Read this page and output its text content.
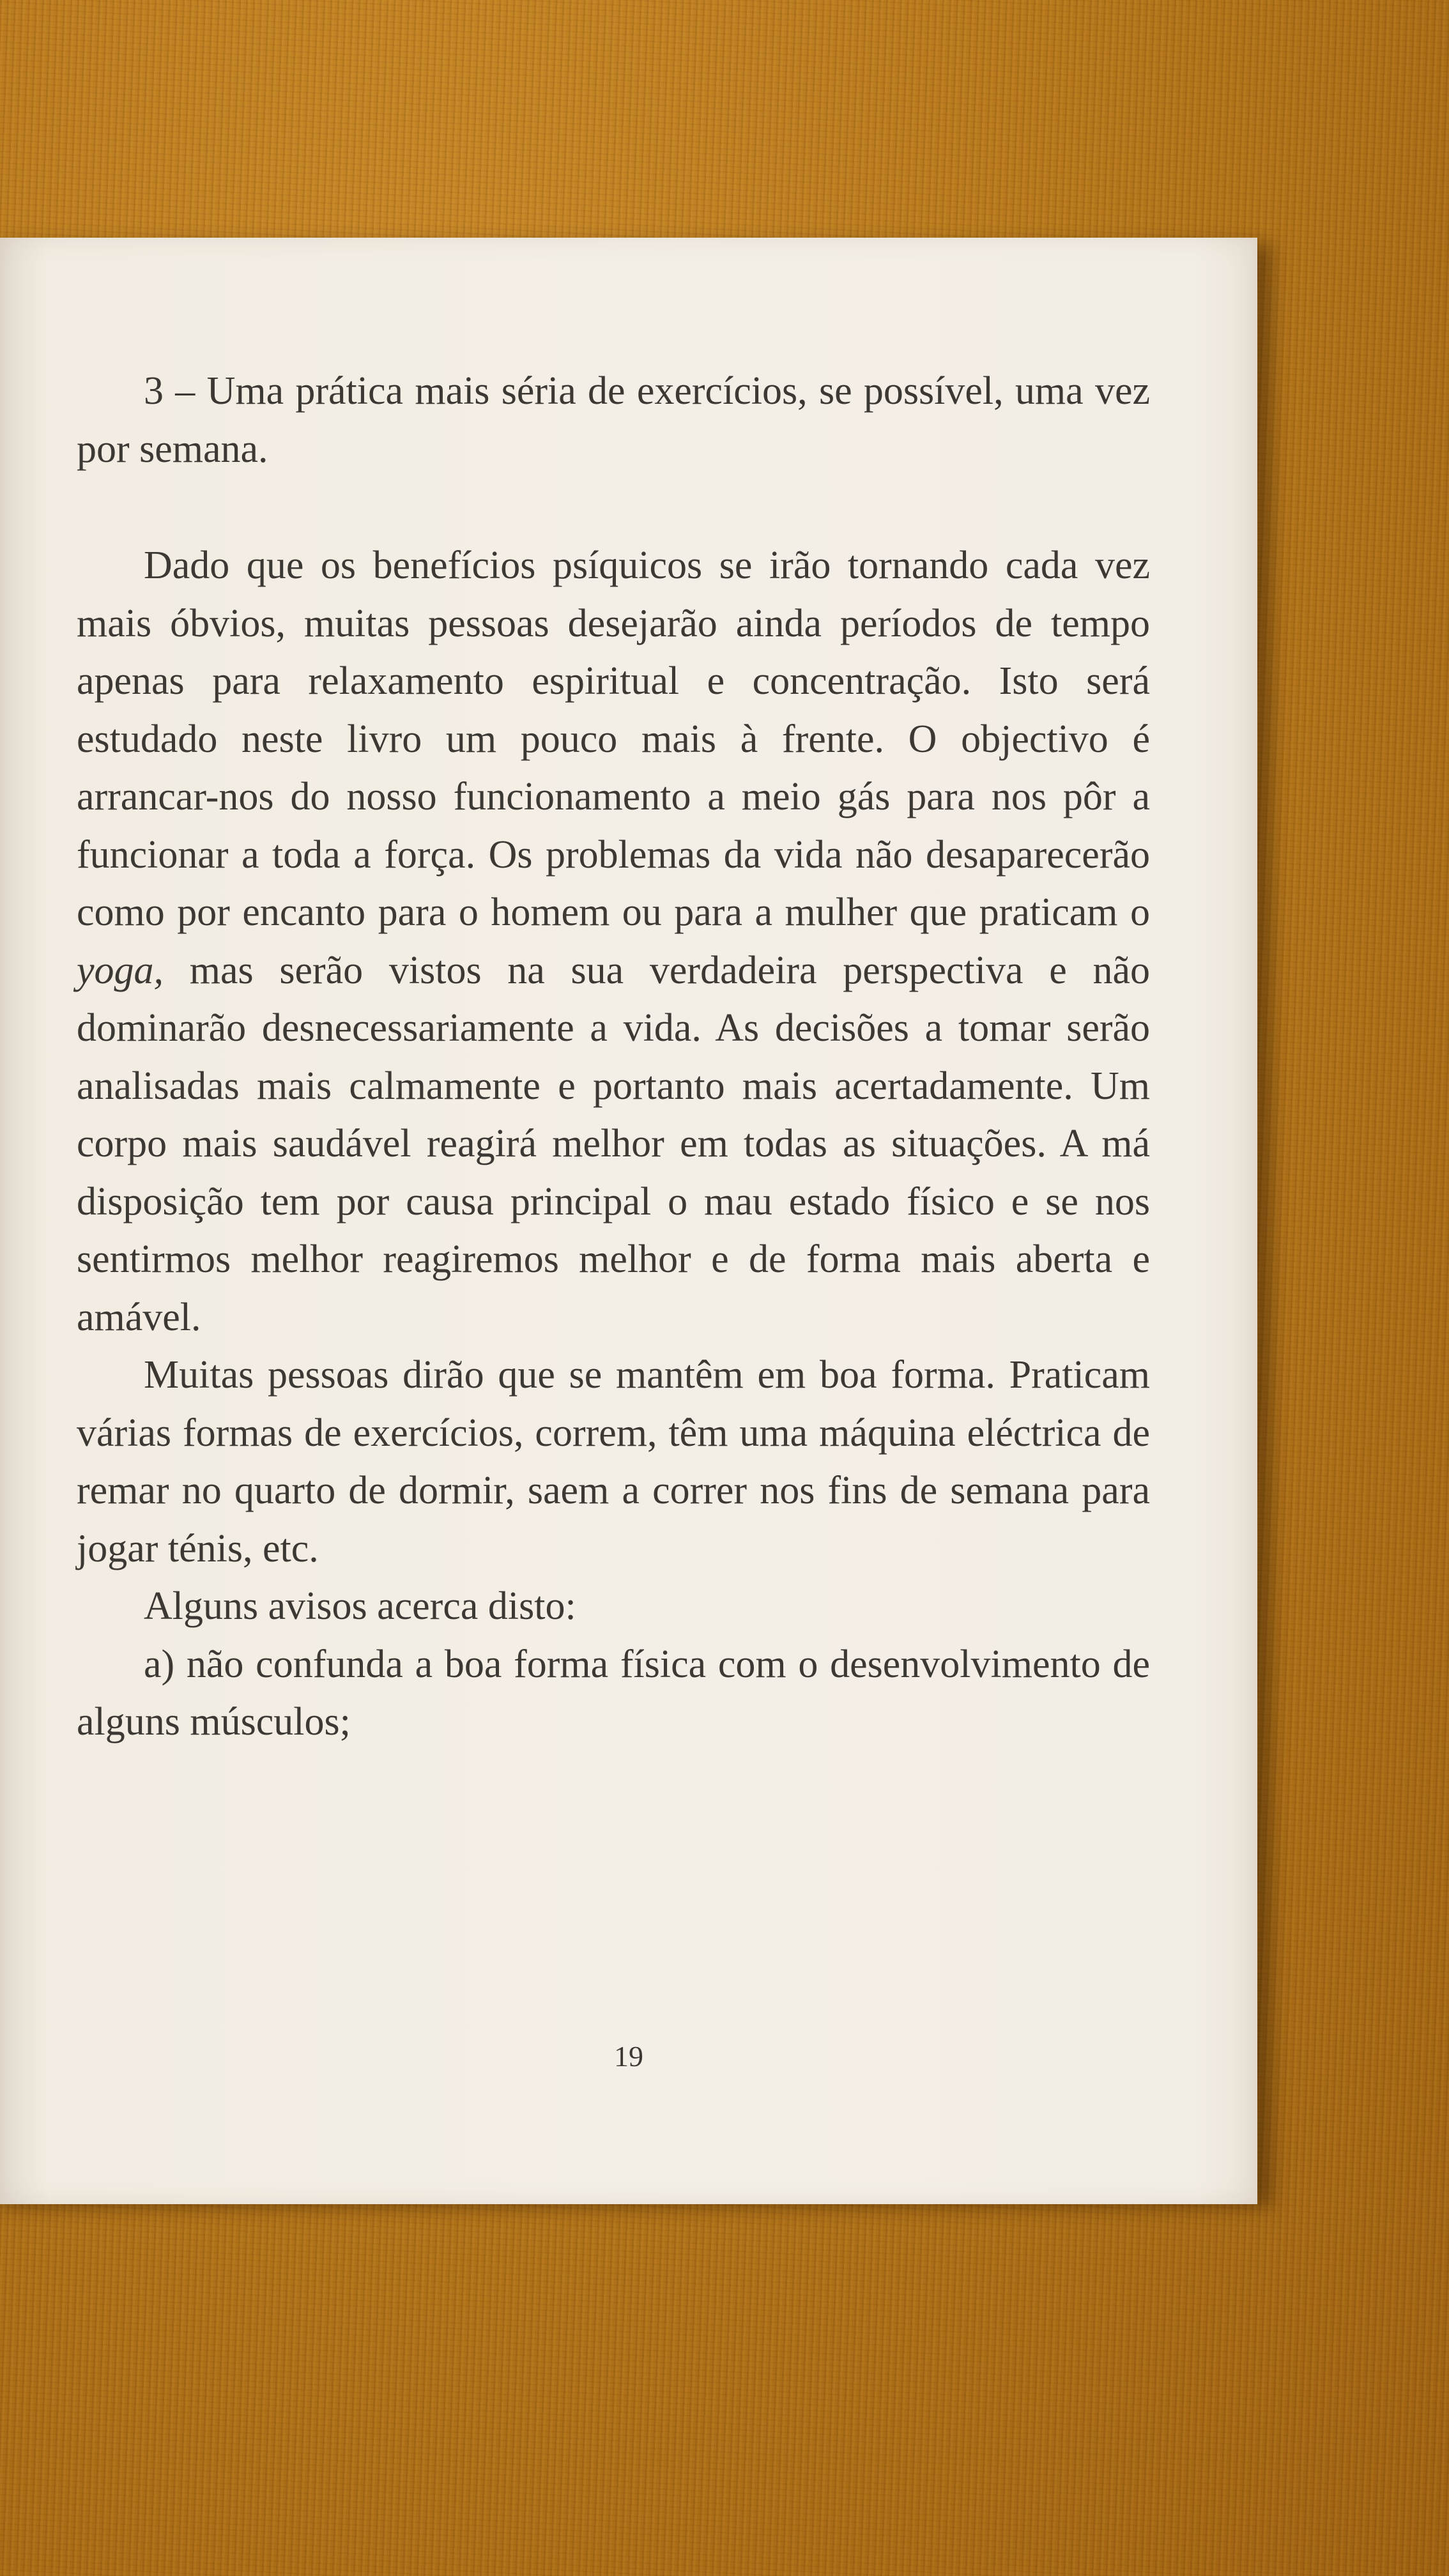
3 – Uma prática mais séria de exercícios, se possível, uma vez por semana.

Dado que os benefícios psíquicos se irão tornando cada vez mais óbvios, muitas pessoas desejarão ainda períodos de tempo apenas para relaxamento espiritual e concentração. Isto será estudado neste livro um pouco mais à frente. O objectivo é arrancar-nos do nosso funcionamento a meio gás para nos pôr a funcionar a toda a força. Os problemas da vida não desaparecerão como por encanto para o homem ou para a mulher que praticam o yoga, mas serão vistos na sua verdadeira perspectiva e não dominarão desnecessariamente a vida. As decisões a tomar serão analisadas mais calmamente e portanto mais acertadamente. Um corpo mais saudável reagirá melhor em todas as situações. A má disposição tem por causa principal o mau estado físico e se nos sentirmos melhor reagiremos melhor e de forma mais aberta e amável.

Muitas pessoas dirão que se mantêm em boa forma. Praticam várias formas de exercícios, correm, têm uma máquina eléctrica de remar no quarto de dormir, saem a correr nos fins de semana para jogar ténis, etc.

Alguns avisos acerca disto:

a) não confunda a boa forma física com o desenvolvimento de alguns músculos;

19
